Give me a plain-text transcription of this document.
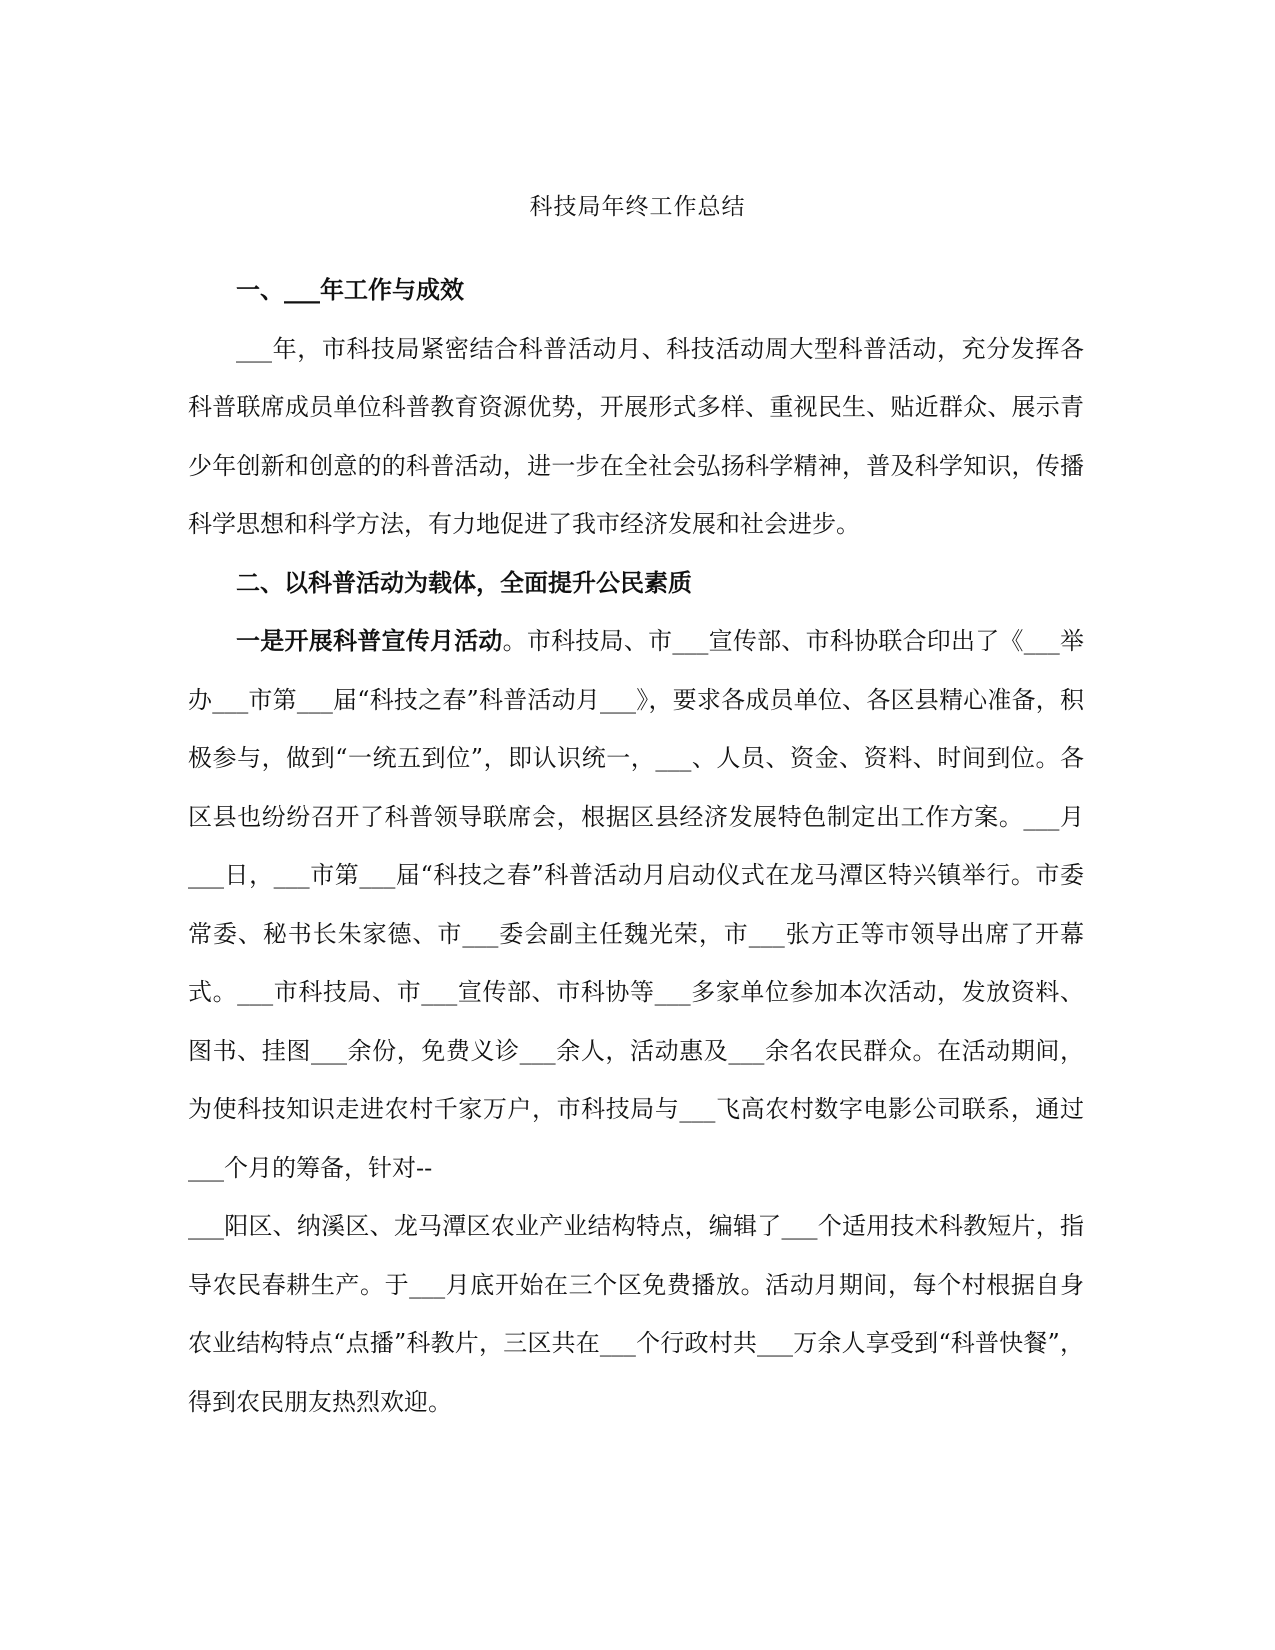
科技局年终工作总结

一、___年工作与成效

___年，市科技局紧密结合科普活动月、科技活动周大型科普活动，充分发挥各科普联席成员单位科普教育资源优势，开展形式多样、重视民生、贴近群众、展示青少年创新和创意的的科普活动，进一步在全社会弘扬科学精神，普及科学知识，传播科学思想和科学方法，有力地促进了我市经济发展和社会进步。

二、以科普活动为载体，全面提升公民素质

一是开展科普宣传月活动。市科技局、市___宣传部、市科协联合印出了《___举办___市第___届“科技之春”科普活动月___》，要求各成员单位、各区县精心准备，积极参与，做到“一统五到位”，即认识统一，___、人员、资金、资料、时间到位。各区县也纷纷召开了科普领导联席会，根据区县经济发展特色制定出工作方案。___月___日，___市第___届“科技之春”科普活动月启动仪式在龙马潭区特兴镇举行。市委常委、秘书长朱家德、市___委会副主任魏光荣，市___张方正等市领导出席了开幕式。___市科技局、市___宣传部、市科协等___多家单位参加本次活动，发放资料、图书、挂图___余份，免费义诊___余人，活动惠及___余名农民群众。在活动期间，为使科技知识走进农村千家万户，市科技局与___飞高农村数字电影公司联系，通过___个月的筹备，针对--

___阳区、纳溪区、龙马潭区农业产业结构特点，编辑了___个适用技术科教短片，指导农民春耕生产。于___月底开始在三个区免费播放。活动月期间，每个村根据自身农业结构特点“点播”科教片，三区共在___个行政村共___万余人享受到“科普快餐”，得到农民朋友热烈欢迎。
